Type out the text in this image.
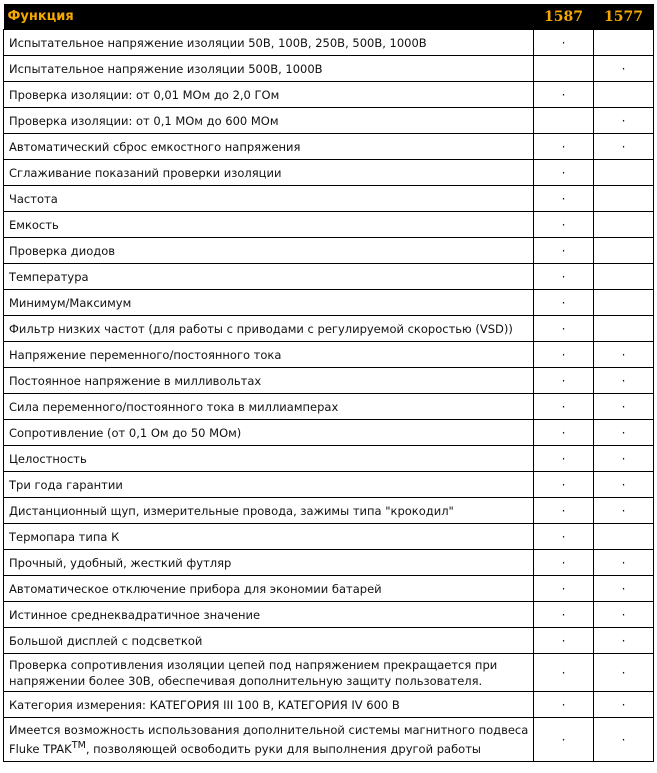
Функция	1587	1577
Испытательное напряжение изоляции 50В, 100В, 250В, 500В, 1000В	·	
Испытательное напряжение изоляции 500В, 1000В		·
Проверка изоляции: от 0,01 МОм до 2,0 ГОм	·	
Проверка изоляции: от 0,1 МОм до 600 МОм		·
Автоматический сброс емкостного напряжения	·	·
Сглаживание показаний проверки изоляции	·	
Частота	·	
Емкость	·	
Проверка диодов	·	
Температура	·	
Минимум/Максимум	·	
Фильтр низких частот (для работы с приводами с регулируемой скоростью (VSD))	·	
Напряжение переменного/постоянного тока	·	·
Постоянное напряжение в милливольтах	·	·
Сила переменного/постоянного тока в миллиамперах	·	·
Сопротивление (от 0,1 Ом до 50 МОм)	·	·
Целостность	·	·
Три года гарантии	·	·
Дистанционный щуп, измерительные провода, зажимы типа "крокодил"	·	·
Термопара типа К	·	
Прочный, удобный, жесткий футляр	·	·
Автоматическое отключение прибора для экономии батарей	·	·
Истинное среднеквадратичное значение	·	·
Большой дисплей с подсветкой	·	·
Проверка сопротивления изоляции цепей под напряжением прекращается при напряжении более 30В, обеспечивая дополнительную защиту пользователя.	·	·
Категория измерения: КАТЕГОРИЯ III 100 В, КАТЕГОРИЯ IV 600 В	·	·
Имеется возможность использования дополнительной системы магнитного подвеса Fluke TPAK™, позволяющей освободить руки для выполнения другой работы	·	·
